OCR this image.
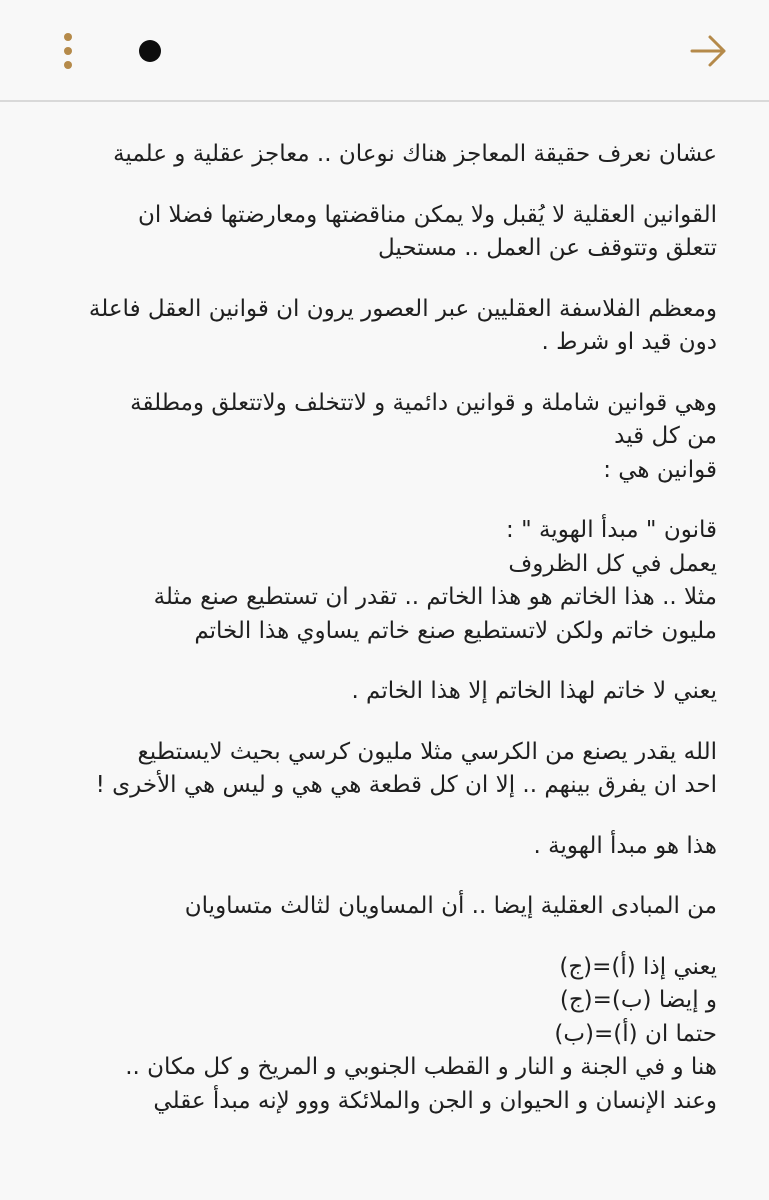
عشان نعرف حقيقة المعاجز هناك نوعان .. معاجز عقلية و علمية

القوانين العقلية لا يُقبل ولا يمكن مناقضتها ومعارضتها فضلا ان
تتعلق وتتوقف عن العمل .. مستحيل

ومعظم الفلاسفة العقليين عبر العصور يرون ان قوانين العقل فاعلة
دون قيد او شرط .

وهي قوانين شاملة و قوانين دائمية و لاتتخلف ولاتتعلق ومطلقة
من كل قيد
قوانين هي :

قانون " مبدأ الهوية " :
يعمل في كل الظروف
مثلا .. هذا الخاتم هو هذا الخاتم .. تقدر ان تستطيع صنع مثلة
مليون خاتم ولكن لاتستطيع صنع خاتم يساوي هذا الخاتم

يعني لا خاتم لهذا الخاتم إلا هذا الخاتم .

الله يقدر يصنع من الكرسي مثلا مليون كرسي بحيث لايستطيع
احد ان يفرق بينهم .. إلا ان كل قطعة هي هي و ليس هي الأخرى !

هذا هو مبدأ الهوية .

من المبادى العقلية إيضا .. أن المساويان لثالث متساويان

يعني إذا (أ)=(ج)
و إيضا (ب)=(ج)
حتما ان (أ)=(ب)
هنا و في الجنة و النار و القطب الجنوبي و المريخ و كل مكان ..
وعند الإنسان و الحيوان و الجن والملائكة ووو لإنه مبدأ عقلي
